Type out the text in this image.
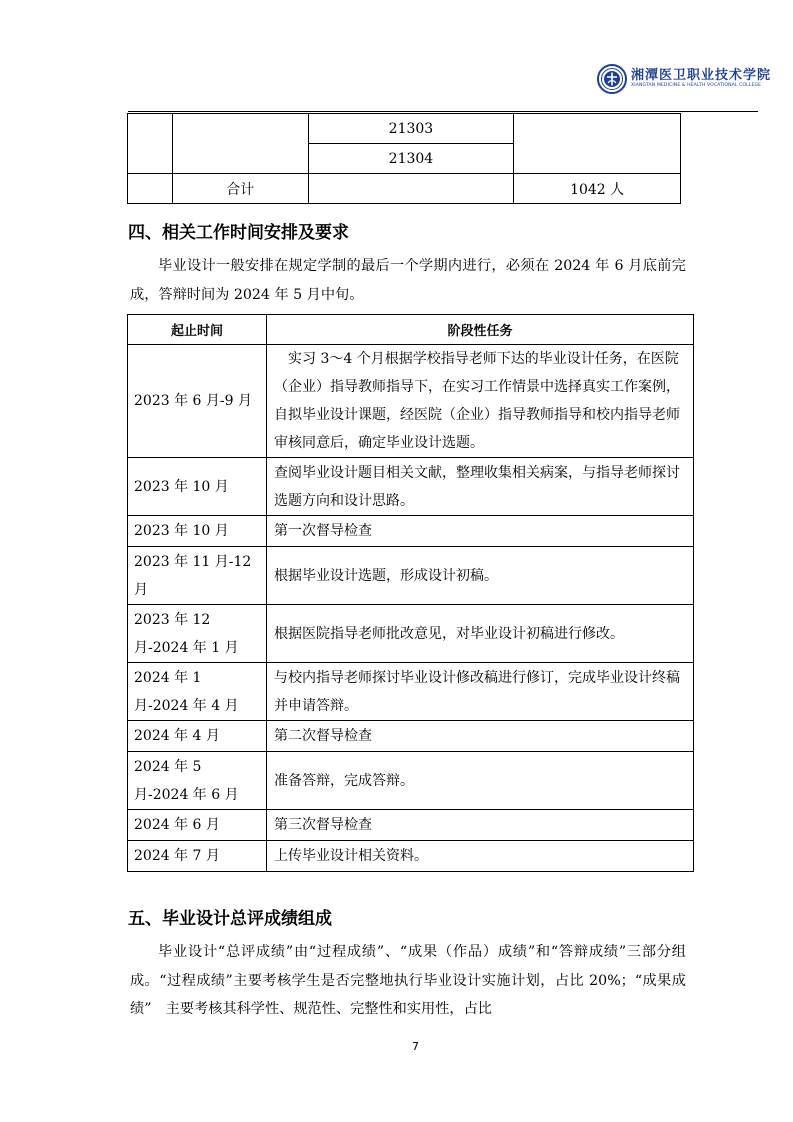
湘潭医卫职业技术学院
XIANGTAN MEDICINE & HEALTH VOCATIONAL COLLEGE
		21303	
		21304	
	合计		1042 人
四、相关工作时间安排及要求
毕业设计一般安排在规定学制的最后一个学期内进行，必须在 2024 年 6 月底前完成，答辩时间为 2024 年 5 月中旬。
起止时间	阶段性任务
2023 年 6 月-9 月	　实习 3～4 个月根据学校指导老师下达的毕业设计任务，在医院（企业）指导教师指导下，在实习工作情景中选择真实工作案例，自拟毕业设计课题，经医院（企业）指导教师指导和校内指导老师审核同意后，确定毕业设计选题。
2023 年 10 月	查阅毕业设计题目相关文献，整理收集相关病案，与指导老师探讨选题方向和设计思路。
2023 年 10 月	第一次督导检查
2023 年 11 月-12 月	根据毕业设计选题，形成设计初稿。
2023 年 12 月-2024 年 1 月	根据医院指导老师批改意见，对毕业设计初稿进行修改。
2024 年 1 月-2024 年 4 月	与校内指导老师探讨毕业设计修改稿进行修订，完成毕业设计终稿并申请答辩。
2024 年 4 月	第二次督导检查
2024 年 5 月-2024 年 6 月	准备答辩，完成答辩。
2024 年 6 月	第三次督导检查
2024 年 7 月	上传毕业设计相关资料。
五、毕业设计总评成绩组成
毕业设计“总评成绩”由“过程成绩”、“成果（作品）成绩”和“答辩成绩”三部分组成。“过程成绩”主要考核学生是否完整地执行毕业设计实施计划，占比 20%；“成果成绩”　主要考核其科学性、规范性、完整性和实用性，占比
7
